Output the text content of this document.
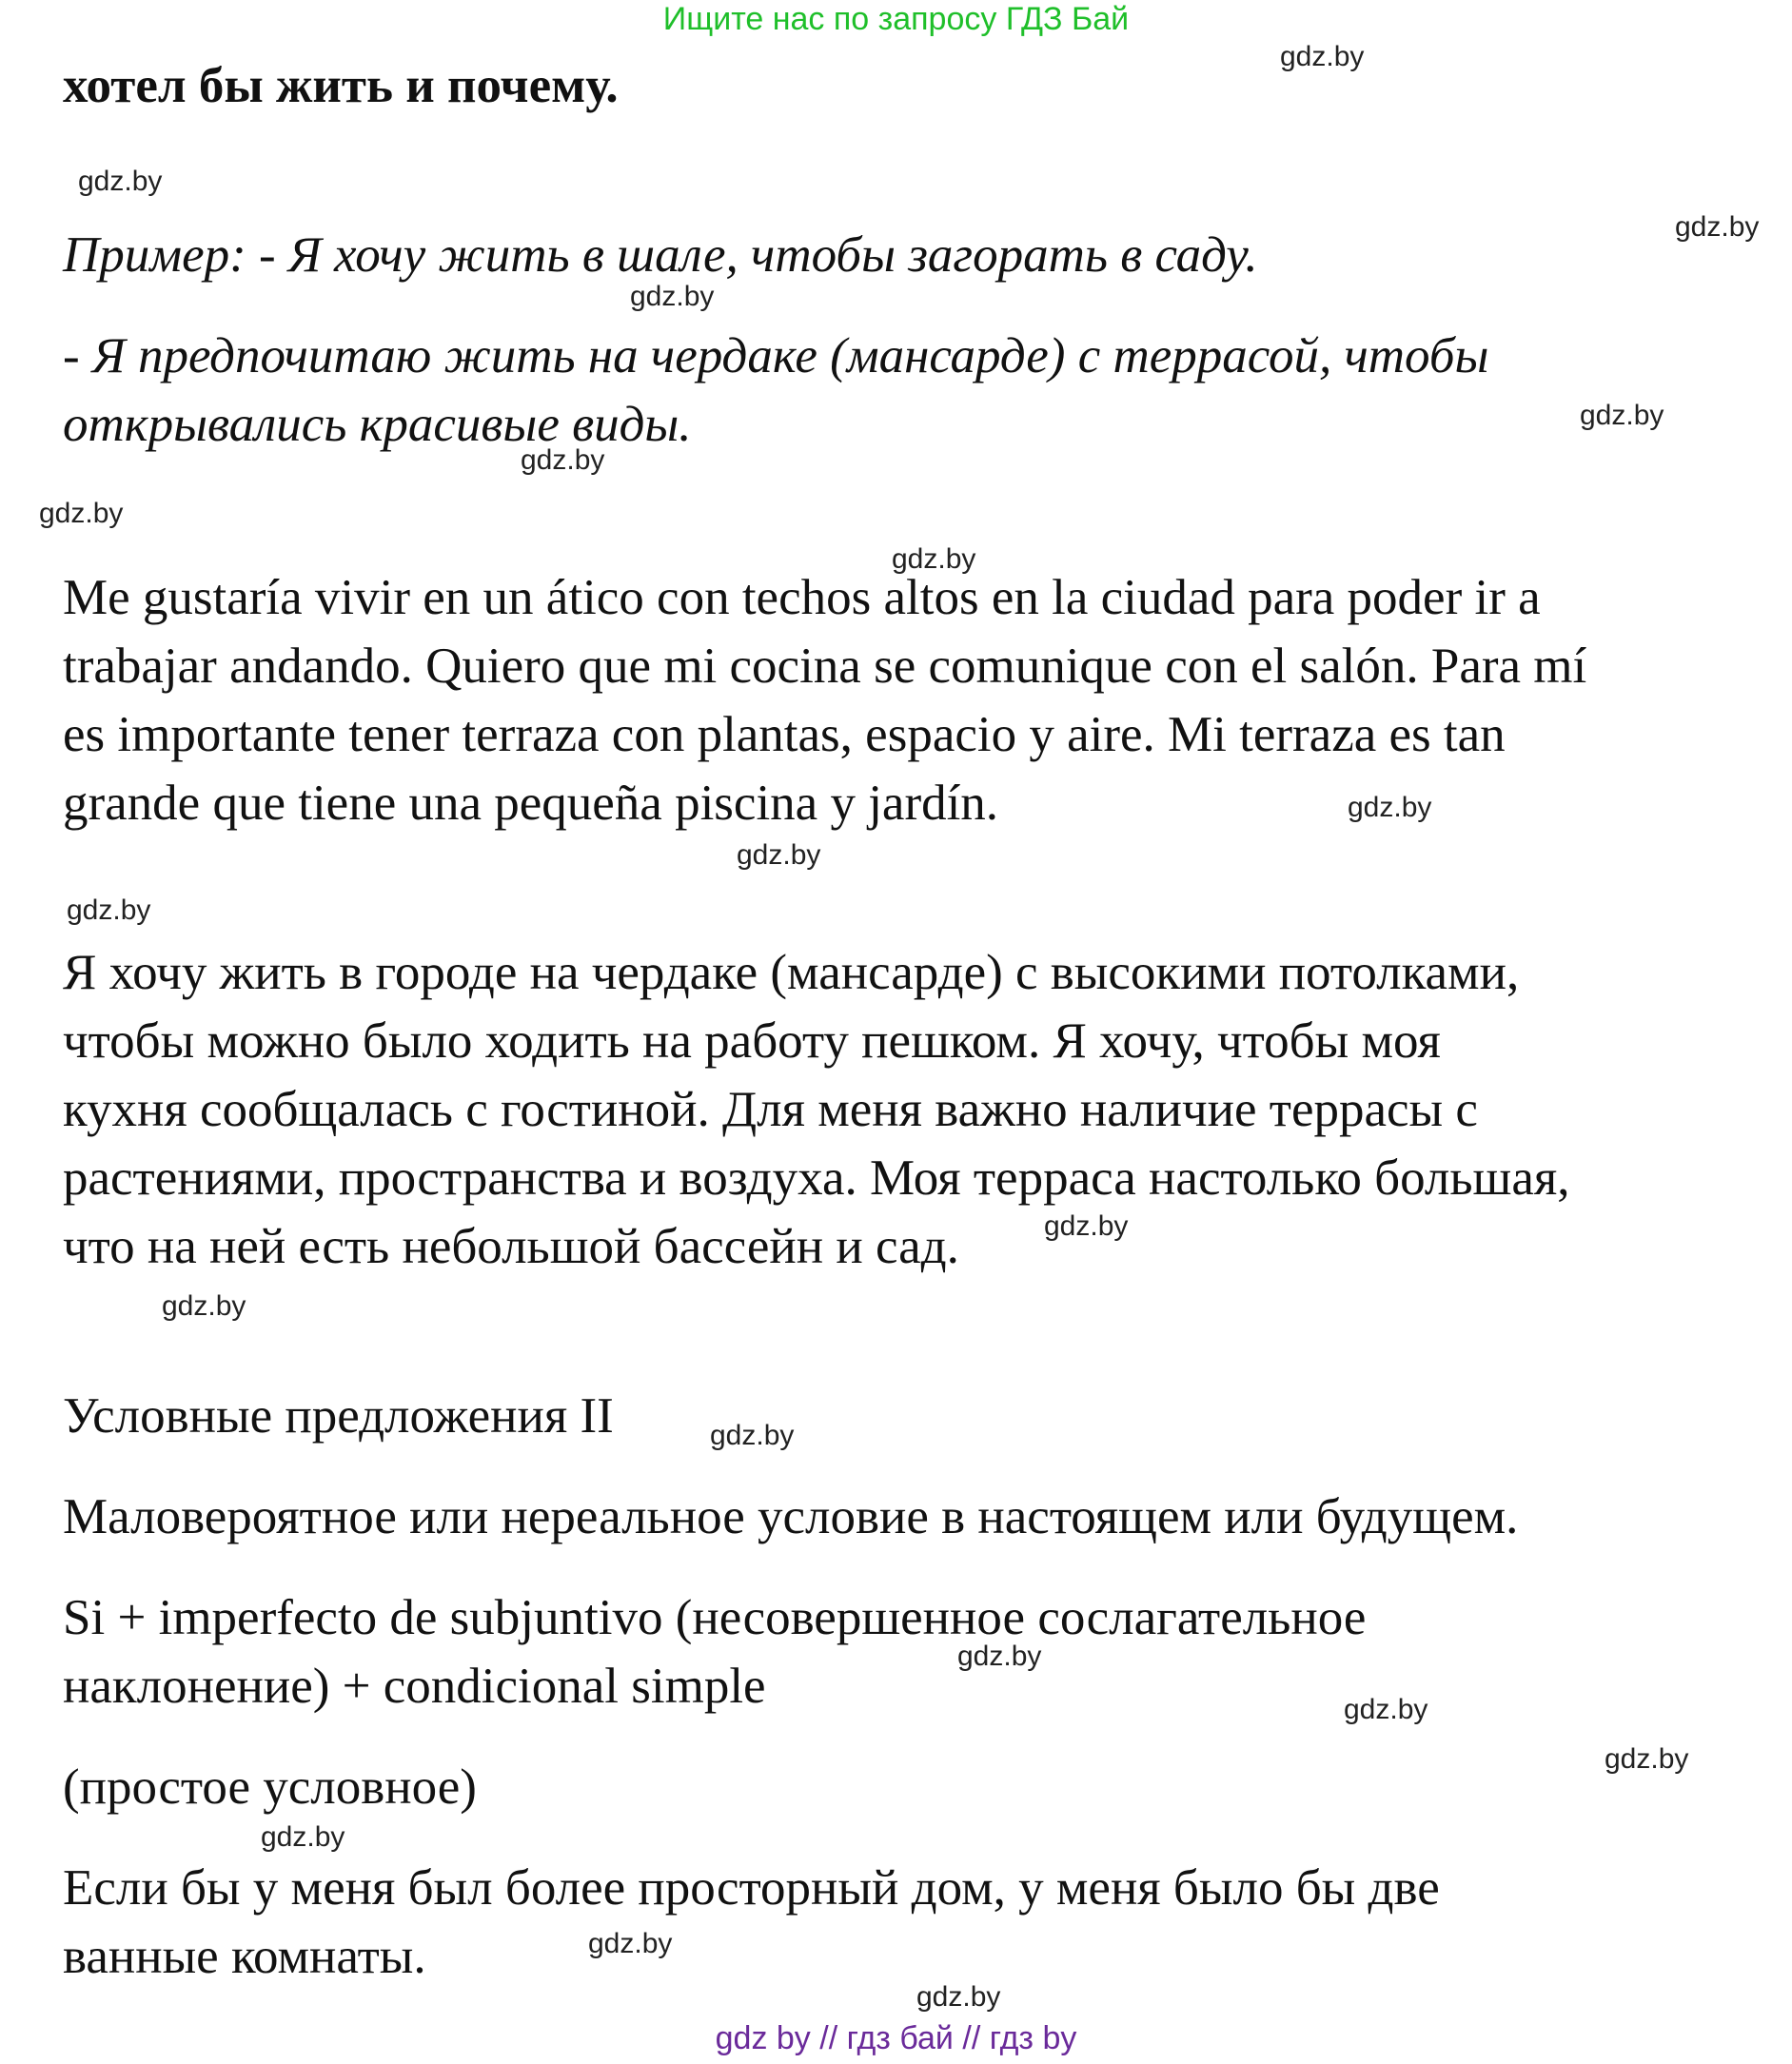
Ищите нас по запросу ГДЗ Бай
хотел бы жить и почему.
Пример: - Я хочу жить в шале, чтобы загорать в саду.
- Я предпочитаю жить на чердаке (мансарде) с террасой, чтобы
открывались красивые виды.
Me gustaría vivir en un ático con techos altos en la ciudad para poder ir a
trabajar andando. Quiero que mi cocina se comunique con el salón. Para mí
es importante tener terraza con plantas, espacio y aire. Mi terraza es tan
grande que tiene una pequeña piscina y jardín.
Я хочу жить в городе на чердаке (мансарде) с высокими потолками,
чтобы можно было ходить на работу пешком. Я хочу, чтобы моя
кухня сообщалась с гостиной. Для меня важно наличие террасы с
растениями, пространства и воздуха. Моя терраса настолько большая,
что на ней есть небольшой бассейн и сад.
Условные предложения II
Маловероятное или нереальное условие в настоящем или будущем.
Si + imperfecto de subjuntivo (несовершенное сослагательное
наклонение) + condicional simple
(простое условное)
Если бы у меня был более просторный дом, у меня было бы две
ванные комнаты.
gdz.by
gdz.by
gdz.by
gdz.by
gdz.by
gdz.by
gdz.by
gdz.by
gdz.by
gdz.by
gdz.by
gdz.by
gdz.by
gdz.by
gdz.by
gdz.by
gdz.by
gdz.by
gdz.by
gdz.by
gdz by // гдз бай // гдз by
